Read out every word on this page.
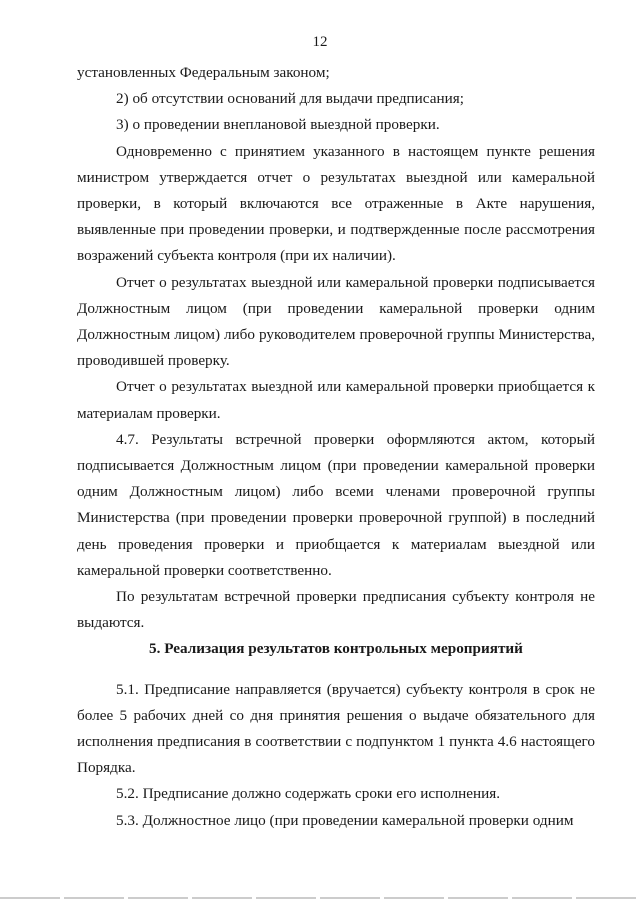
12

установленных Федеральным законом;

2) об отсутствии оснований для выдачи предписания;

3) о проведении внеплановой выездной проверки.

Одновременно с принятием указанного в настоящем пункте решения министром утверждается отчет о результатах выездной или камеральной проверки, в который включаются все отраженные в Акте нарушения, выявленные при проведении проверки, и подтвержденные после рассмотрения возражений субъекта контроля (при их наличии).

Отчет о результатах выездной или камеральной проверки подписывается Должностным лицом (при проведении камеральной проверки одним Должностным лицом) либо руководителем проверочной группы Министерства, проводившей проверку.

Отчет о результатах выездной или камеральной проверки приобщается к материалам проверки.

4.7. Результаты встречной проверки оформляются актом, который подписывается Должностным лицом (при проведении камеральной проверки одним Должностным лицом) либо всеми членами проверочной группы Министерства (при проведении проверки проверочной группой) в последний день проведения проверки и приобщается к материалам выездной или камеральной проверки соответственно.

По результатам встречной проверки предписания субъекту контроля не выдаются.

5. Реализация результатов контрольных мероприятий

5.1. Предписание направляется (вручается) субъекту контроля в срок не более 5 рабочих дней со дня принятия решения о выдаче обязательного для исполнения предписания в соответствии с подпунктом 1 пункта 4.6 настоящего Порядка.

5.2. Предписание должно содержать сроки его исполнения.

5.3. Должностное лицо (при проведении камеральной проверки одним
